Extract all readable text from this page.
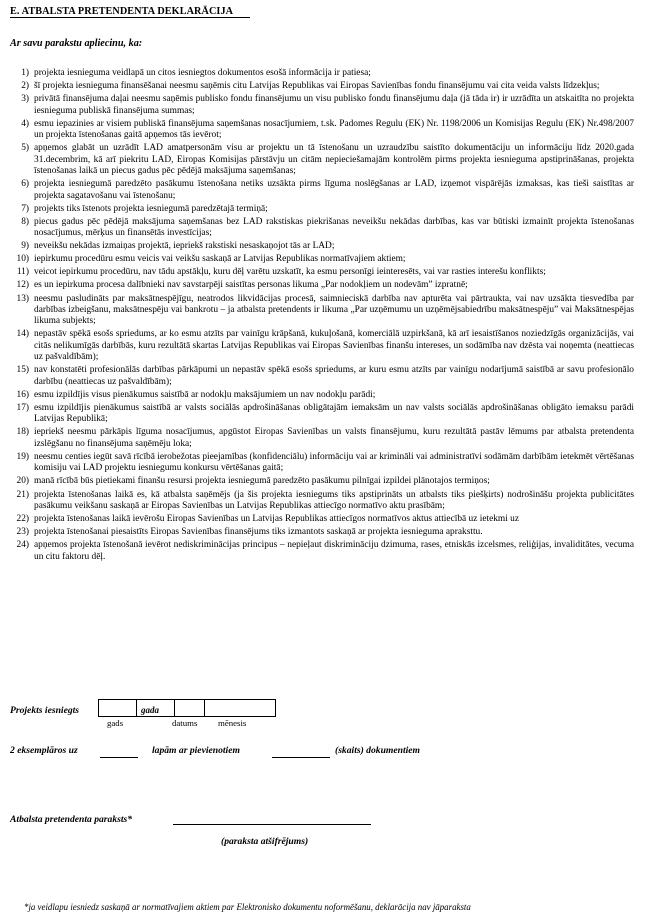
E. ATBALSTA PRETENDENTA DEKLARĀCIJA
Ar savu parakstu apliecinu, ka:
1) projekta iesnieguma veidlapā un citos iesniegtos dokumentos esošā informācija ir patiesa;
2) šī projekta iesnieguma finansēšanai neesmu saņēmis citu Latvijas Republikas vai Eiropas Savienības fondu finansējumu vai cita veida valsts līdzekļus;
3) privātā finansējuma daļai neesmu saņēmis publisko fondu finansējumu un visu publisko fondu finansējumu daļa (jā tāda ir) ir uzrādīta un atskaitīta no projekta iesnieguma publiskā finansējuma summas;
4) esmu iepazinies ar visiem publiskā finansējuma saņemšanas nosacījumiem, t.sk. Padomes Regulu (EK) Nr. 1198/2006 un Komisijas Regulu (EK) Nr.498/2007 un projekta īstenošanas gaitā apņemos tās ievērot;
5) apņemos glabāt un uzrādīt LAD amatpersonām visu ar projektu un tā īstenošanu un uzraudzību saistīto dokumentāciju un informāciju līdz 2020.gada 31.decembrim, kā arī piekritu LAD, Eiropas Komisijas pārstāvju un citām nepieciešamajām kontrolēm pirms projekta iesnieguma apstiprināšanas, projekta īstenošanas laikā un piecus gadus pēc pēdējā maksājuma saņemšanas;
6) projekta iesniegumā paredzēto pasākumu īstenošana netiks uzsākta pirms līguma noslēgšanas ar LAD, izņemot vispārējās izmaksas, kas tieši saistītas ar projekta sagatavošanu vai īstenošanu;
7) projekts tiks īstenots projekta iesniegumā paredzētajā termiņā;
8) piecus gadus pēc pēdējā maksājuma saņemšanas bez LAD rakstiskas piekrišanas neveikšu nekādas darbības, kas var būtiski izmainīt projekta īstenošanas nosacījumus, mērķus un finansētās investīcijas;
9) neveikšu nekādas izmaiņas projektā, iepriekš rakstiski nesaskaņojot tās ar LAD;
10) iepirkumu procedūru esmu veicis vai veikšu saskaņā ar Latvijas Republikas normatīvajiem aktiem;
11) veicot iepirkumu procedūru, nav tādu apstākļu, kuru dēļ varētu uzskatīt, ka esmu personīgi ieinteresēts, vai var rasties interešu konflikts;
12) es un iepirkuma procesa dalībnieki nav savstarpēji saistītas personas likuma „Par nodokļiem un nodevām” izpratnē;
13) neesmu pasludināts par maksātnespējīgu, neatrodos likvidācijas procesā, saimnieciskā darbība nav apturēta vai pārtraukta, vai nav uzsākta tiesvedība par darbības izbeigšanu, maksātnespēju vai bankrotu – ja atbalsta pretendents ir likuma „Par uzņēmumu un uzņēmējsabiedrību maksātnespēju” vai Maksātnespējas likuma subjekts;
14) nepastāv spēkā esošs spriedums, ar ko esmu atzīts par vainīgu krāpšanā, kukuļošanā, komerciālā uzpirkšanā, kā arī iesaistīšanos noziedzīgās organizācijās, vai citās nelikumīgās darbībās, kuru rezultātā skartas Latvijas Republikas vai Eiropas Savienības finanšu intereses, un sodāmība nav dzēsta vai noņemta (neattiecas uz pašvaldībām);
15) nav konstatēti profesionālās darbības pārkāpumi un nepastāv spēkā esošs spriedums, ar kuru esmu atzīts par vainīgu nodarījumā saistībā ar savu profesionālo darbību (neattiecas uz pašvaldībām);
16) esmu izpildījis visus pienākumus saistībā ar nodokļu maksājumiem un nav nodokļu parādi;
17) esmu izpildījis pienākumus saistībā ar valsts sociālās apdrošināšanas obligātajām iemaksām un nav valsts sociālās apdrošināšanas obligāto iemaksu parādi Latvijas Republikā;
18) iepriekš neesmu pārkāpis līguma nosacījumus, apgūstot Eiropas Savienības un valsts finansējumu, kuru rezultātā pastāv lēmums par atbalsta pretendenta izslēgšanu no finansējuma saņēmēju loka;
19) neesmu centies iegūt savā rīcībā ierobežotas pieejamības (konfidenciālu) informāciju vai ar krimināli vai administratīvi sodāmām darbībām ietekmēt vērtēšanas komisiju vai LAD projektu iesniegumu konkursu vērtēšanas gaitā;
20) manā rīcībā būs pietiekami finanšu resursi projekta iesniegumā paredzēto pasākumu pilnīgai izpildei plānotajos termiņos;
21) projekta īstenošanas laikā es, kā atbalsta saņēmējs (ja šis projekta iesniegums tiks apstiprināts un atbalsts tiks piešķirts) nodrošināšu projekta publicitātes pasākumu veikšanu saskaņā ar Eiropas Savienības un Latvijas Republikas attiecīgo normatīvo aktu prasībām;
22) projekta īstenošanas laikā ievērošu Eiropas Savienības un Latvijas Republikas attiecīgos normatīvos aktus attiecībā uz ietekmi uz
23) projekta īstenošanai piesaistīts Eiropas Savienības finansējums tiks izmantots saskaņā ar projekta iesnieguma apraksttu.
24) apņemos projekta īstenošanā ievērot nediskriminācijas principus – nepieļaut diskrimināciju dzimuma, rases, etniskās izcelsmes, reliģijas, invaliditātes, vecuma un citu faktoru dēļ.
Projekts iesniegts	gada
gads	datums mēnesis
2 eksemplāros uz	lapām ar pievienotiem	(skaits) dokumentiem
Atbalsta pretendenta paraksts*
(paraksta atšifrējums)
*ja veidlapu iesniedz saskaņā ar normatīvajiem aktiem par Elektronisko dokumentu noformēšanu, deklarācija nav jāparaksta
